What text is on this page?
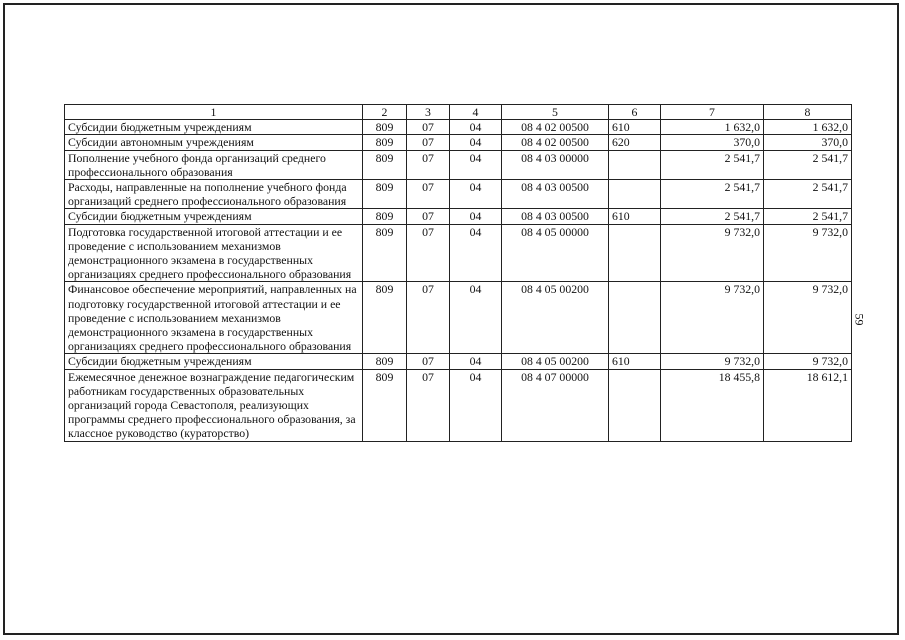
1	2	3	4	5	6	7	8
Субсидии бюджетным учреждениям	809	07	04	08 4 02 00500	610	1 632,0	1 632,0
Субсидии автономным учреждениям	809	07	04	08 4 02 00500	620	370,0	370,0
Пополнение учебного фонда организаций среднего профессионального образования	809	07	04	08 4 03 00000		2 541,7	2 541,7
Расходы, направленные на пополнение учебного фонда организаций среднего профессионального образования	809	07	04	08 4 03 00500		2 541,7	2 541,7
Субсидии бюджетным учреждениям	809	07	04	08 4 03 00500	610	2 541,7	2 541,7
Подготовка государственной итоговой аттестации и ее проведение с использованием механизмов демонстрационного экзамена в государственных организациях среднего профессионального образования	809	07	04	08 4 05 00000		9 732,0	9 732,0
Финансовое обеспечение мероприятий, направленных на подготовку государственной итоговой аттестации и ее проведение с использованием механизмов демонстрационного экзамена в государственных организациях среднего профессионального образования	809	07	04	08 4 05 00200		9 732,0	9 732,0
Субсидии бюджетным учреждениям	809	07	04	08 4 05 00200	610	9 732,0	9 732,0
Ежемесячное денежное вознаграждение педагогическим работникам государственных образовательных организаций города Севастополя, реализующих программы среднего профессионального образования, за классное руководство (кураторство)	809	07	04	08 4 07 00000		18 455,8	18 612,1
59
